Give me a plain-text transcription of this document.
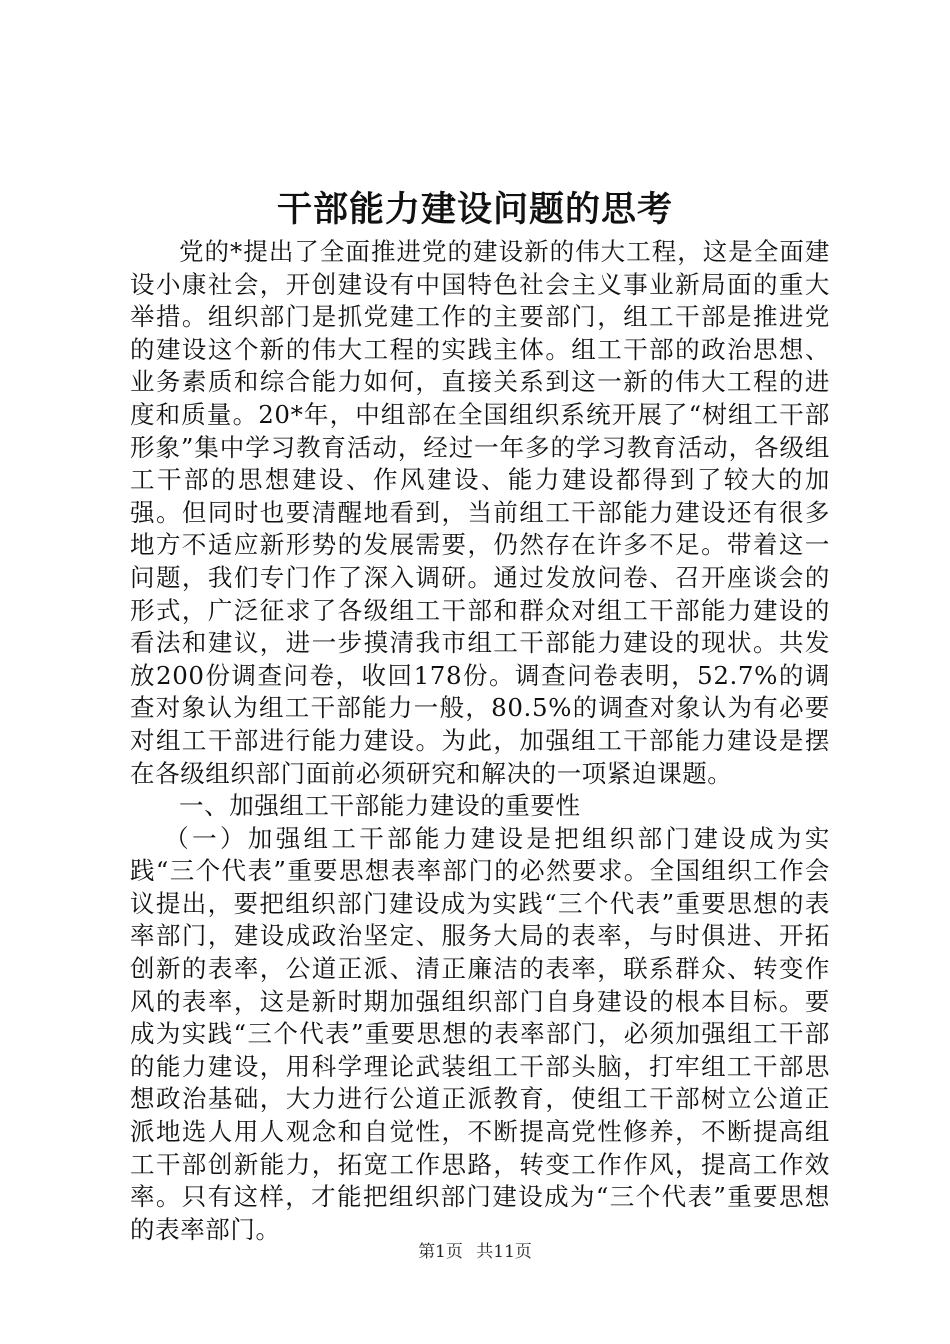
干部能力建设问题的思考

党的*提出了全面推进党的建设新的伟大工程，这是全面建设小康社会，开创建设有中国特色社会主义事业新局面的重大举措。组织部门是抓党建工作的主要部门，组工干部是推进党的建设这个新的伟大工程的实践主体。组工干部的政治思想、业务素质和综合能力如何，直接关系到这一新的伟大工程的进度和质量。20*年，中组部在全国组织系统开展了“树组工干部形象”集中学习教育活动，经过一年多的学习教育活动，各级组工干部的思想建设、作风建设、能力建设都得到了较大的加强。但同时也要清醒地看到，当前组工干部能力建设还有很多地方不适应新形势的发展需要，仍然存在许多不足。带着这一问题，我们专门作了深入调研。通过发放问卷、召开座谈会的形式，广泛征求了各级组工干部和群众对组工干部能力建设的看法和建议，进一步摸清我市组工干部能力建设的现状。共发放200份调查问卷，收回178份。调查问卷表明，52.7%的调查对象认为组工干部能力一般，80.5%的调查对象认为有必要对组工干部进行能力建设。为此，加强组工干部能力建设是摆在各级组织部门面前必须研究和解决的一项紧迫课题。

一、加强组工干部能力建设的重要性

（一）加强组工干部能力建设是把组织部门建设成为实践“三个代表”重要思想表率部门的必然要求。全国组织工作会议提出，要把组织部门建设成为实践“三个代表”重要思想的表率部门，建设成政治坚定、服务大局的表率，与时俱进、开拓创新的表率，公道正派、清正廉洁的表率，联系群众、转变作风的表率，这是新时期加强组织部门自身建设的根本目标。要成为实践“三个代表”重要思想的表率部门，必须加强组工干部的能力建设，用科学理论武装组工干部头脑，打牢组工干部思想政治基础，大力进行公道正派教育，使组工干部树立公道正派地选人用人观念和自觉性，不断提高党性修养，不断提高组工干部创新能力，拓宽工作思路，转变工作作风，提高工作效率。只有这样，才能把组织部门建设成为“三个代表”重要思想的表率部门。

第1页 共11页
